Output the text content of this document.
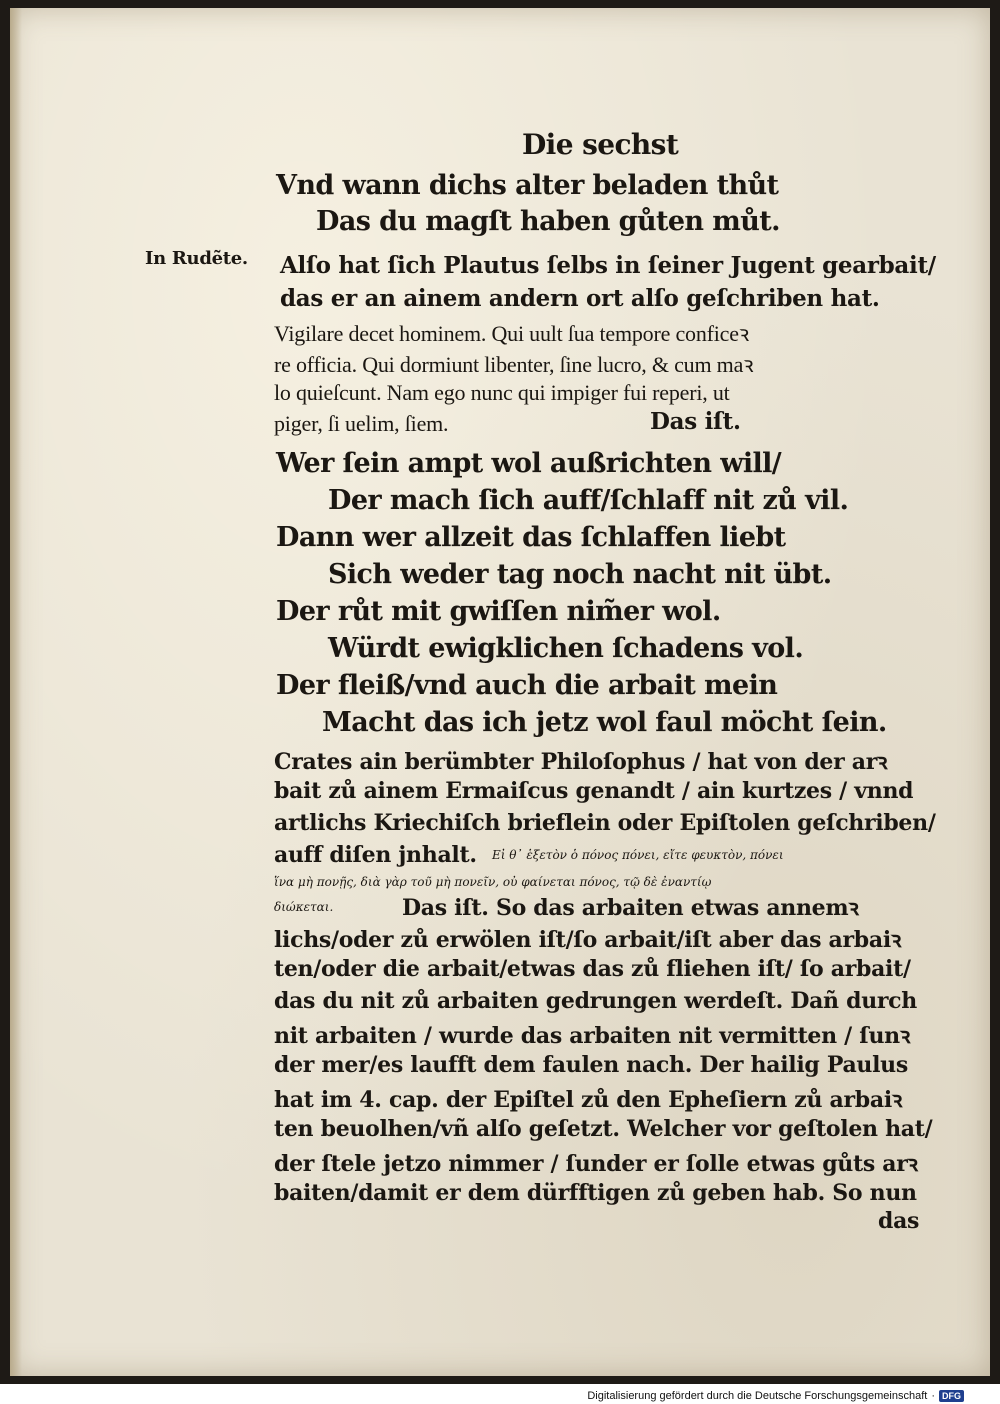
Die sechst
Vnd wann dichs alter beladen thůt
Das du magſt haben gůten můt.
In Rudẽte. Alſo hat ſich Plautus ſelbs in ſeiner Jugent gearbait/
das er an ainem andern ort alſo geſchriben hat.
Vigilare decet hominem. Qui uult ſua tempore conficeꝛ
re officia. Qui dormiunt libenter, ſine lucro, & cum maꝛ
lo quieſcunt. Nam ego nunc qui impiger fui reperi, ut
piger, ſi uelim, ſiem.	Das iſt.
Wer ſein ampt wol außrichten will/
Der mach ſich auff/ſchlaff nit zů vil.
Dann wer allzeit das ſchlaffen liebt
Sich weder tag noch nacht nit übt.
Der růt mit gwiſſen nim̃er wol.
Würdt ewigklichen ſchadens vol.
Der fleiß/vnd auch die arbait mein
Macht das ich jetz wol faul möcht ſein.
Crates ain berümbter Philoſophus / hat von der arꝛ
bait zů ainem Ermaiſcus genandt / ain kurtzes / vnnd
artlichs Kriechiſch brieflein oder Epiſtolen geſchriben/
auff diſen jnhalt. Εἰ θ᾽ ἑξετὸν ὁ πόνος πόνει, εἴτε φευκτὸν, πόνει
ἵνα μὴ πονῇς, διὰ γὰρ τοῦ μὴ πονεῖν, οὐ φαίνεται πόνος, τῷ δὲ ἐναντίῳ
διώκεται.	Das iſt. So das arbaiten etwas annemꝛ
lichs/oder zů erwölen iſt/ſo arbait/iſt aber das arbaiꝛ
ten/oder die arbait/etwas das zů fliehen iſt/ ſo arbait/
das du nit zů arbaiten gedrungen werdeſt. Dañ durch
nit arbaiten / wurde das arbaiten nit vermitten / ſunꝛ
der mer/es laufft dem faulen nach. Der hailig Paulus
hat im 4. cap. der Epiſtel zů den Epheſiern zů arbaiꝛ
ten beuolhen/vñ alſo geſetzt. Welcher vor geſtolen hat/
der ſtele jetzo nimmer / ſunder er ſolle etwas gůts arꝛ
baiten/damit er dem dürfftigen zů geben hab. So nun
das
Digitalisierung gefördert durch die Deutsche Forschungsgemeinschaft · DFG
